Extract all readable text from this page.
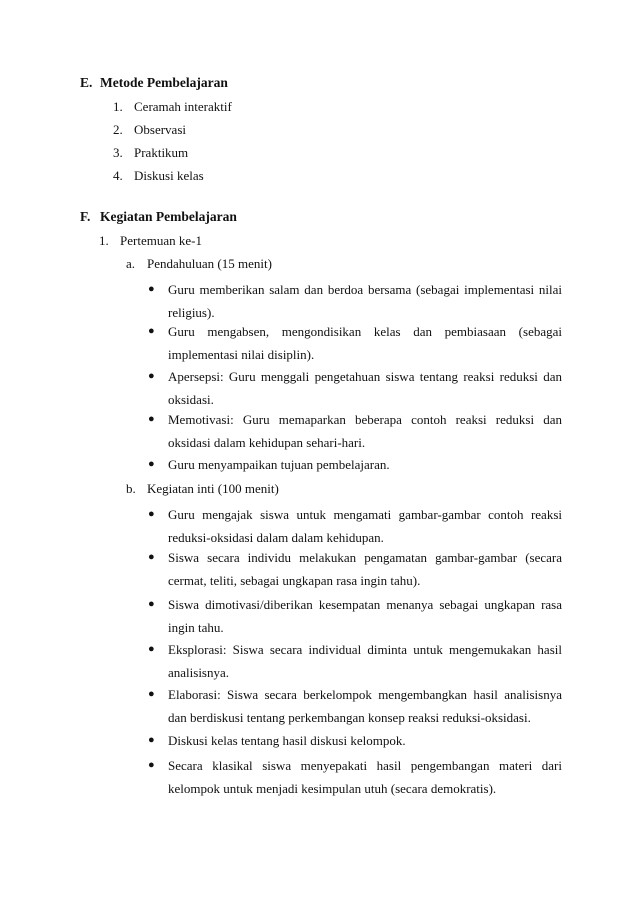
E. Metode Pembelajaran
1. Ceramah interaktif
2. Observasi
3. Praktikum
4. Diskusi kelas
F. Kegiatan Pembelajaran
1. Pertemuan ke-1
a. Pendahuluan (15 menit)
● Guru memberikan salam dan berdoa bersama (sebagai implementasi nilai religius).
● Guru mengabsen, mengondisikan kelas dan pembiasaan (sebagai implementasi nilai disiplin).
● Apersepsi: Guru menggali pengetahuan siswa tentang reaksi reduksi dan oksidasi.
● Memotivasi: Guru memaparkan beberapa contoh reaksi reduksi dan oksidasi dalam kehidupan sehari-hari.
● Guru menyampaikan tujuan pembelajaran.
b. Kegiatan inti (100 menit)
● Guru mengajak siswa untuk mengamati gambar-gambar contoh reaksi reduksi-oksidasi dalam dalam kehidupan.
● Siswa secara individu melakukan pengamatan gambar-gambar (secara cermat, teliti, sebagai ungkapan rasa ingin tahu).
● Siswa dimotivasi/diberikan kesempatan menanya sebagai ungkapan rasa ingin tahu.
● Eksplorasi: Siswa secara individual diminta untuk mengemukakan hasil analisisnya.
● Elaborasi: Siswa secara berkelompok mengembangkan hasil analisisnya dan berdiskusi tentang perkembangan konsep reaksi reduksi-oksidasi.
● Diskusi kelas tentang hasil diskusi kelompok.
● Secara klasikal siswa menyepakati hasil pengembangan materi dari kelompok untuk menjadi kesimpulan utuh (secara demokratis).
